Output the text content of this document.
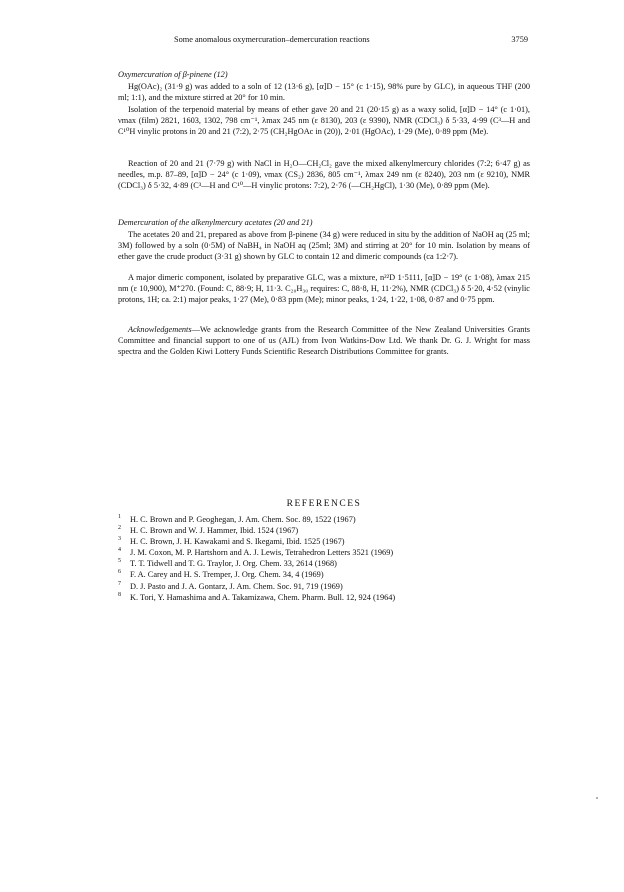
Some anomalous oxymercuration–demercuration reactions	3759
Oxymercuration of β-pinene (12)
Hg(OAc)₂ (31·9 g) was added to a soln of 12 (13·6 g), [α]D − 15° (c 1·15), 98% pure by GLC), in aqueous THF (200 ml; 1:1), and the mixture stirred at 20° for 10 min.
Isolation of the terpenoid material by means of ether gave 20 and 21 (20·15 g) as a waxy solid, [α]D − 14° (c 1·01), νmax (film) 2821, 1603, 1302, 798 cm⁻¹, λmax 245 nm (ε 8130), 203 (ε 9390), NMR (CDCl₃) δ 5·33, 4·99 (C³—H and C¹⁰H vinylic protons in 20 and 21 (7:2), 2·75 (CH₂HgOAc in (20)), 2·01 (HgOAc), 1·29 (Me), 0·89 ppm (Me).
Reaction of 20 and 21 (7·79 g) with NaCl in H₂O—CH₂Cl₂ gave the mixed alkenylmercury chlorides (7:2; 6·47 g) as needles, m.p. 87–89, [α]D − 24° (c 1·09), νmax (CS₂) 2836, 805 cm⁻¹, λmax 249 nm (ε 8240), 203 nm (ε 9210), NMR (CDCl₃) δ 5·32, 4·89 (C³—H and C¹⁰—H vinylic protons: 7:2), 2·76 (—CH₂HgCl), 1·30 (Me), 0·89 ppm (Me).
Demercuration of the alkenylmercury acetates (20 and 21)
The acetates 20 and 21, prepared as above from β-pinene (34 g) were reduced in situ by the addition of NaOH aq (25 ml; 3M) followed by a soln (0·5M) of NaBH₄ in NaOH aq (25ml; 3M) and stirring at 20° for 10 min. Isolation by means of ether gave the crude product (3·31 g) shown by GLC to contain 12 and dimeric compounds (ca 1:2·7).
A major dimeric component, isolated by preparative GLC, was a mixture, n²²D 1·5111, [α]D − 19° (c 1·08), λmax 215 nm (ε 10,900), M⁺270. (Found: C, 88·9; H, 11·3. C₂₀H₃₀ requires: C, 88·8, H, 11·2%), NMR (CDCl₃) δ 5·20, 4·52 (vinylic protons, 1H; ca. 2:1) major peaks, 1·27 (Me), 0·83 ppm (Me); minor peaks, 1·24, 1·22, 1·08, 0·87 and 0·75 ppm.
Acknowledgements—We acknowledge grants from the Research Committee of the New Zealand Universities Grants Committee and financial support to one of us (AJL) from Ivon Watkins-Dow Ltd. We thank Dr. G. J. Wright for mass spectra and the Golden Kiwi Lottery Funds Scientific Research Distributions Committee for grants.
REFERENCES
1 H. C. Brown and P. Geoghegan, J. Am. Chem. Soc. 89, 1522 (1967)
2 H. C. Brown and W. J. Hammer, Ibid. 1524 (1967)
3 H. C. Brown, J. H. Kawakami and S. Ikegami, Ibid. 1525 (1967)
4 J. M. Coxon, M. P. Hartshorn and A. J. Lewis, Tetrahedron Letters 3521 (1969)
5 T. T. Tidwell and T. G. Traylor, J. Org. Chem. 33, 2614 (1968)
6 F. A. Carey and H. S. Tremper, J. Org. Chem. 34, 4 (1969)
7 D. J. Pasto and J. A. Gontarz, J. Am. Chem. Soc. 91, 719 (1969)
8 K. Tori, Y. Hamashima and A. Takamizawa, Chem. Pharm. Bull. 12, 924 (1964)
